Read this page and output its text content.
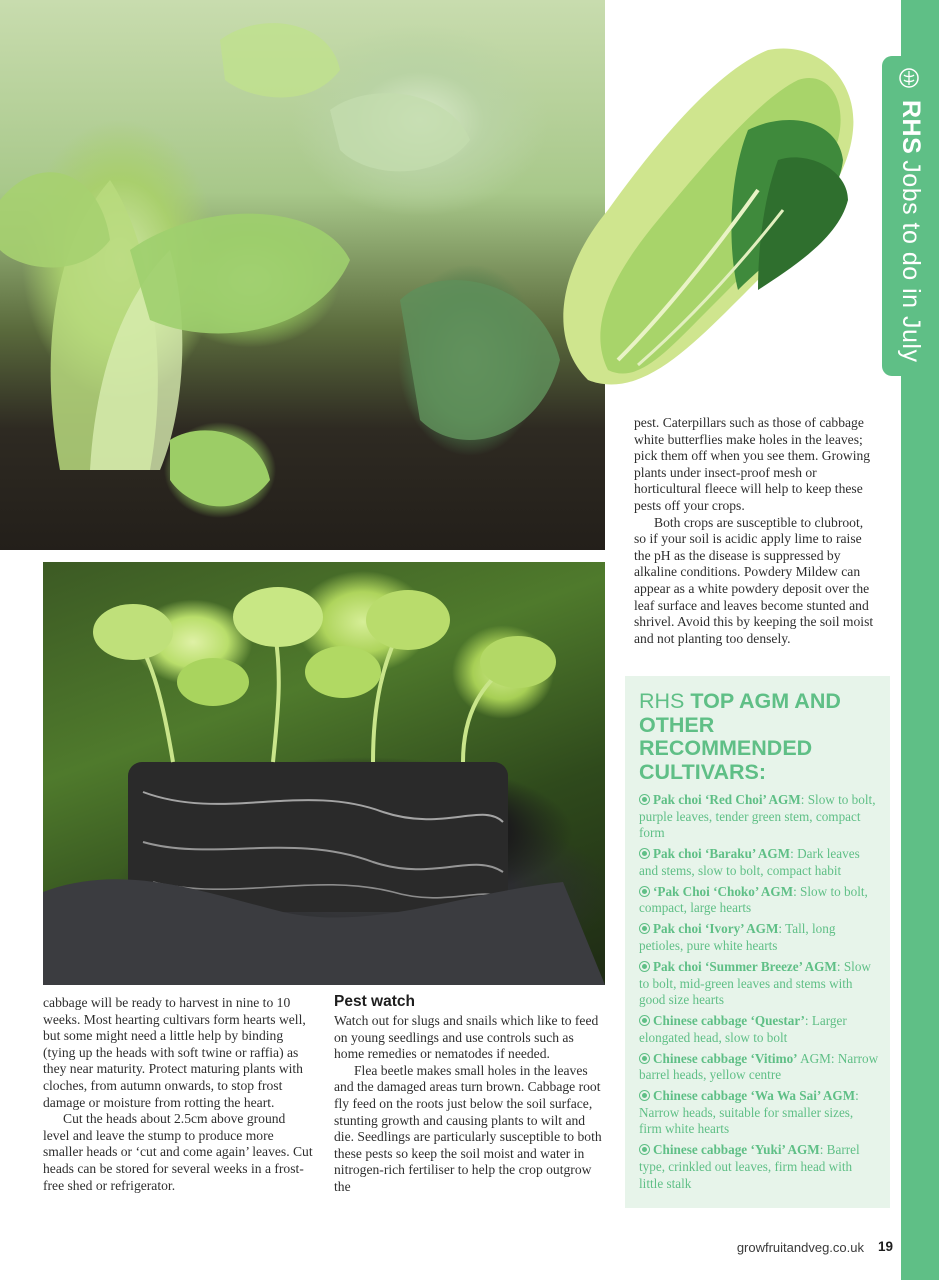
RHSJobs to do in July

pest. Caterpillars such as those of cabbage white butterflies make holes in the leaves; pick them off when you see them. Growing plants under insect-proof mesh or horticultural fleece will help to keep these pests off your crops.

Both crops are susceptible to clubroot, so if your soil is acidic apply lime to raise the pH as the disease is suppressed by alkaline conditions. Powdery Mildew can appear as a white powdery deposit over the leaf surface and leaves become stunted and shrivel. Avoid this by keeping the soil moist and not planting too densely.

RHS TOP AGM AND OTHER RECOMMENDED CULTIVARS:
Pak choi ‘Red Choi’ AGM: Slow to bolt, purple leaves, tender green stem, compact form
Pak choi ‘Baraku’ AGM: Dark leaves and stems, slow to bolt, compact habit
‘Pak Choi ‘Choko’ AGM: Slow to bolt, compact, large hearts
Pak choi ‘Ivory’ AGM: Tall, long petioles, pure white hearts
Pak choi ‘Summer Breeze’ AGM: Slow to bolt, mid-green leaves and stems with good size hearts
Chinese cabbage ‘Questar’: Larger elongated head, slow to bolt
Chinese cabbage ‘Vitimo’ AGM: Narrow barrel heads, yellow centre
Chinese cabbage ‘Wa Wa Sai’ AGM: Narrow heads, suitable for smaller sizes, firm white hearts
Chinese cabbage ‘Yuki’ AGM: Barrel type, crinkled out leaves, firm head with little stalk

cabbage will be ready to harvest in nine to 10 weeks. Most hearting cultivars form hearts well, but some might need a little help by binding (tying up the heads with soft twine or raffia) as they near maturity. Protect maturing plants with cloches, from autumn onwards, to stop frost damage or moisture from rotting the heart.

Cut the heads about 2.5cm above ground level and leave the stump to produce more smaller heads or ‘cut and come again’ leaves. Cut heads can be stored for several weeks in a frost-free shed or refrigerator.

Pest watch

Watch out for slugs and snails which like to feed on young seedlings and use controls such as home remedies or nematodes if needed.

Flea beetle makes small holes in the leaves and the damaged areas turn brown. Cabbage root fly feed on the roots just below the soil surface, stunting growth and causing plants to wilt and die. Seedlings are particularly susceptible to both these pests so keep the soil moist and water in nitrogen-rich fertiliser to help the crop outgrow the

growfruitandveg.co.uk 19
